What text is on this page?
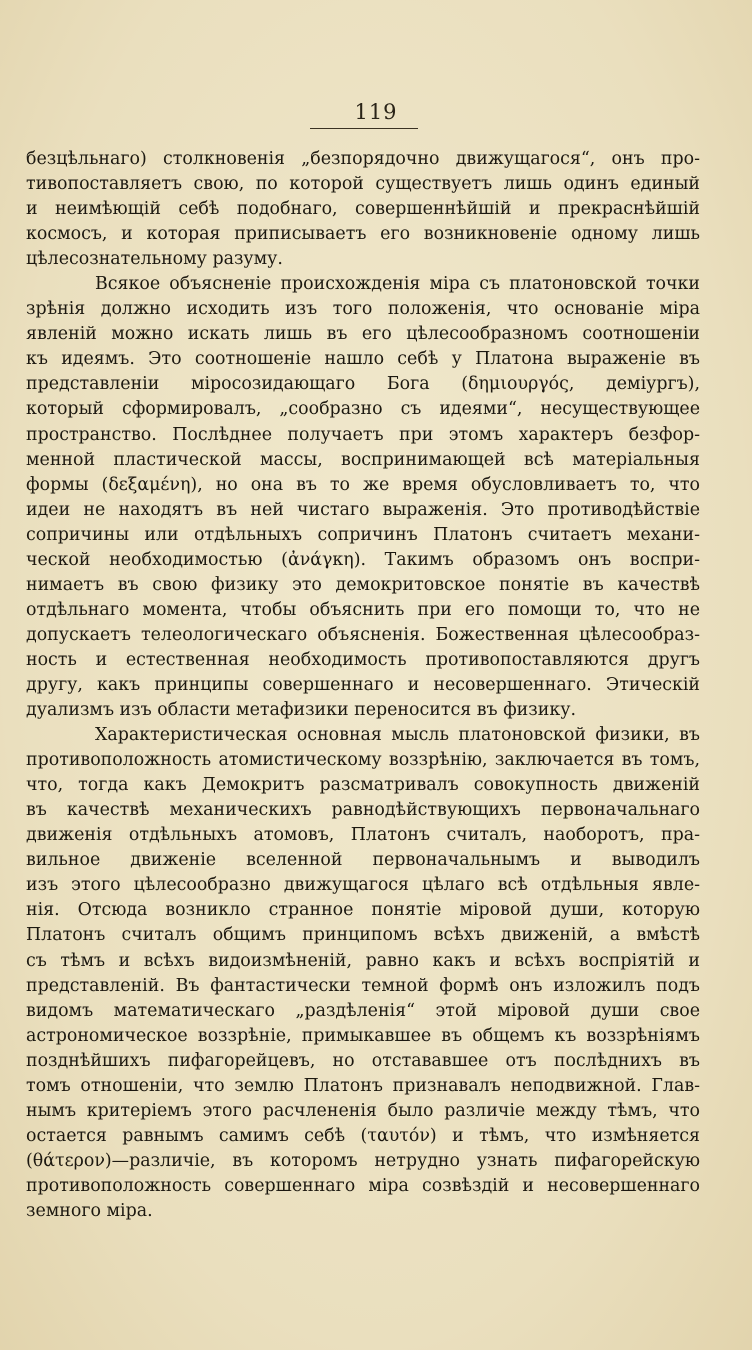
119
безцѣльнаго) столкновенія „безпорядочно движущагося“, онъ про-
тивопоставляетъ свою, по которой существуетъ лишь одинъ единый
и неимѣющій себѣ подобнаго, совершеннѣйшій и прекраснѣйшій
космосъ, и которая приписываетъ его возникновеніе одному лишь
цѣлесознательному разуму.
Всякое объясненіе происхожденія міра съ платоновской точки
зрѣнія должно исходить изъ того положенія, что основаніе міра
явленій можно искать лишь въ его цѣлесообразномъ соотношеніи
къ идеямъ. Это соотношеніе нашло себѣ у Платона выраженіе въ
представленіи міросозидающаго Бога (δημιουργός, деміургъ),
который сформировалъ, „сообразно съ идеями“, несуществующее
пространство. Послѣднее получаетъ при этомъ характеръ безфор-
менной пластической массы, воспринимающей всѣ матеріальныя
формы (δεξαμένη), но она въ то же время обусловливаетъ то, что
идеи не находятъ въ ней чистаго выраженія. Это противодѣйствіе
сопричины или отдѣльныхъ сопричинъ Платонъ считаетъ механи-
ческой необходимостью (ἀνάγκη). Такимъ образомъ онъ воспри-
нимаетъ въ свою физику это демокритовское понятіе въ качествѣ
отдѣльнаго момента, чтобы объяснить при его помощи то, что не
допускаетъ телеологическаго объясненія. Божественная цѣлесообраз-
ность и естественная необходимость противопоставляются другъ
другу, какъ принципы совершеннаго и несовершеннаго. Этическій
дуализмъ изъ области метафизики переносится въ физику.
Характеристическая основная мысль платоновской физики, въ
противоположность атомистическому воззрѣнію, заключается въ томъ,
что, тогда какъ Демокритъ разсматривалъ совокупность движеній
въ качествѣ механическихъ равнодѣйствующихъ первоначальнаго
движенія отдѣльныхъ атомовъ, Платонъ считалъ, наоборотъ, пра-
вильное движеніе вселенной первоначальнымъ и выводилъ
изъ этого цѣлесообразно движущагося цѣлаго всѣ отдѣльныя явле-
нія. Отсюда возникло странное понятіе міровой души, которую
Платонъ считалъ общимъ принципомъ всѣхъ движеній, а вмѣстѣ
съ тѣмъ и всѣхъ видоизмѣненій, равно какъ и всѣхъ воспріятій и
представленій. Въ фантастически темной формѣ онъ изложилъ подъ
видомъ математическаго „раздѣленія“ этой міровой души свое
астрономическое воззрѣніе, примыкавшее въ общемъ къ воззрѣніямъ
позднѣйшихъ пифагорейцевъ, но отстававшее отъ послѣднихъ въ
томъ отношеніи, что землю Платонъ признавалъ неподвижной. Глав-
нымъ критеріемъ этого расчлененія было различіе между тѣмъ, что
остается равнымъ самимъ себѣ (ταυτόν) и тѣмъ, что измѣняется
(θάτερον)—различіе, въ которомъ нетрудно узнать пифагорейскую
противоположность совершеннаго міра созвѣздій и несовершеннаго
земного міра.
